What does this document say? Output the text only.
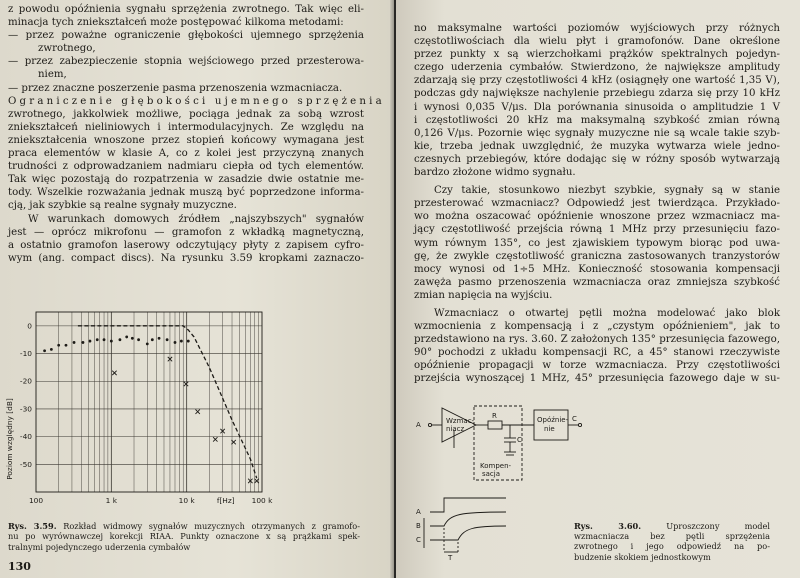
z powodu opóźnienia sygnału sprzężenia zwrotnego. Tak więc eli-
minacja tych zniekształceń może postępować kilkoma metodami:
— przez poważne ograniczenie głębokości ujemnego sprzężenia
zwrotnego,
— przez zabezpieczenie stopnia wejściowego przed przesterowa-
niem,
— przez znaczne poszerzenie pasma przenoszenia wzmacniacza.
Ograniczenie głębokości ujemnego sprzężenia
zwrotnego, jakkolwiek możliwe, pociąga jednak za sobą wzrost
zniekształceń nieliniowych i intermodulacyjnych. Ze względu na
zniekształcenia wnoszone przez stopień końcowy wymagana jest
praca elementów w klasie A, co z kolei jest przyczyną znanych
trudności z odprowadzaniem nadmiaru ciepła od tych elementów.
Tak więc pozostają do rozpatrzenia w zasadzie dwie ostatnie me-
tody. Wszelkie rozważania jednak muszą być poprzedzone informa-
cją, jak szybkie są realne sygnały muzyczne.
W warunkach domowych źródłem „najszybszych" sygnałów
jest — oprócz mikrofonu — gramofon z wkładką magnetyczną,
a ostatnio gramofon laserowy odczytujący płyty z zapisem cyfro-
wym (ang. compact discs). Na rysunku 3.59 kropkami zaznaczo-
0
-10
-20
-30
-40
-50
100	1 k	10 k	100 k
f[Hz]
Poziom względny [dB]
Rys. 3.59. Rozkład widmowy sygnałów muzycznych otrzymanych z gramofo-
nu po wyrównawczej korekcji RIAA. Punkty oznaczone x są prążkami spek-
tralnymi pojedynczego uderzenia cymbałów
130
no maksymalne wartości poziomów wyjściowych przy różnych
częstotliwościach dla wielu płyt i gramofonów. Dane określone
przez punkty x są wierzchołkami prążków spektralnych pojedyn-
czego uderzenia cymbałów. Stwierdzono, że największe amplitudy
zdarzają się przy częstotliwości 4 kHz (osiągnęły one wartość 1,35 V),
podczas gdy największe nachylenie przebiegu zdarza się przy 10 kHz
i wynosi 0,035 V/μs. Dla porównania sinusoida o amplitudzie 1 V
i częstotliwości 20 kHz ma maksymalną szybkość zmian równą
0,126 V/μs. Pozornie więc sygnały muzyczne nie są wcale takie szyb-
kie, trzeba jednak uwzględnić, że muzyka wytwarza wiele jedno-
czesnych przebiegów, które dodając się w różny sposób wytwarzają
bardzo złożone widmo sygnału.
Czy takie, stosunkowo niezbyt szybkie, sygnały są w stanie
przesterować wzmacniacz? Odpowiedź jest twierdząca. Przykłado-
wo można oszacować opóźnienie wnoszone przez wzmacniacz ma-
jący częstotliwość przejścia równą 1 MHz przy przesunięciu fazo-
wym równym 135°, co jest zjawiskiem typowym biorąc pod uwa-
gę, że zwykle częstotliwość graniczna zastosowanych tranzystorów
mocy wynosi od 1÷5 MHz. Konieczność stosowania kompensacji
zawęża pasmo przenoszenia wzmacniacza oraz zmniejsza szybkość
zmian napięcia na wyjściu.
Wzmacniacz o otwartej pętli można modelować jako blok
wzmocnienia z kompensacją i z „czystym opóźnieniem", jak to
przedstawiono na rys. 3.60. Z założonych 135° przesunięcia fazowego,
90° pochodzi z układu kompensacji RC, a 45° stanowi rzeczywiste
opóźnienie propagacji w torze wzmacniacza. Przy częstotliwości
przejścia wynoszącej 1 MHz, 45° przesunięcia fazowego daje w su-
A	Wzmac-
niacz
R
C
Kompen-
sacja
Opóźnie-
nie
C
A
B
C
T
Rys. 3.60.	Uproszczony model
wzmacniacza bez pętli sprzężenia
zwrotnego i jego odpowiedź na po-
budzenie skokiem jednostkowym
